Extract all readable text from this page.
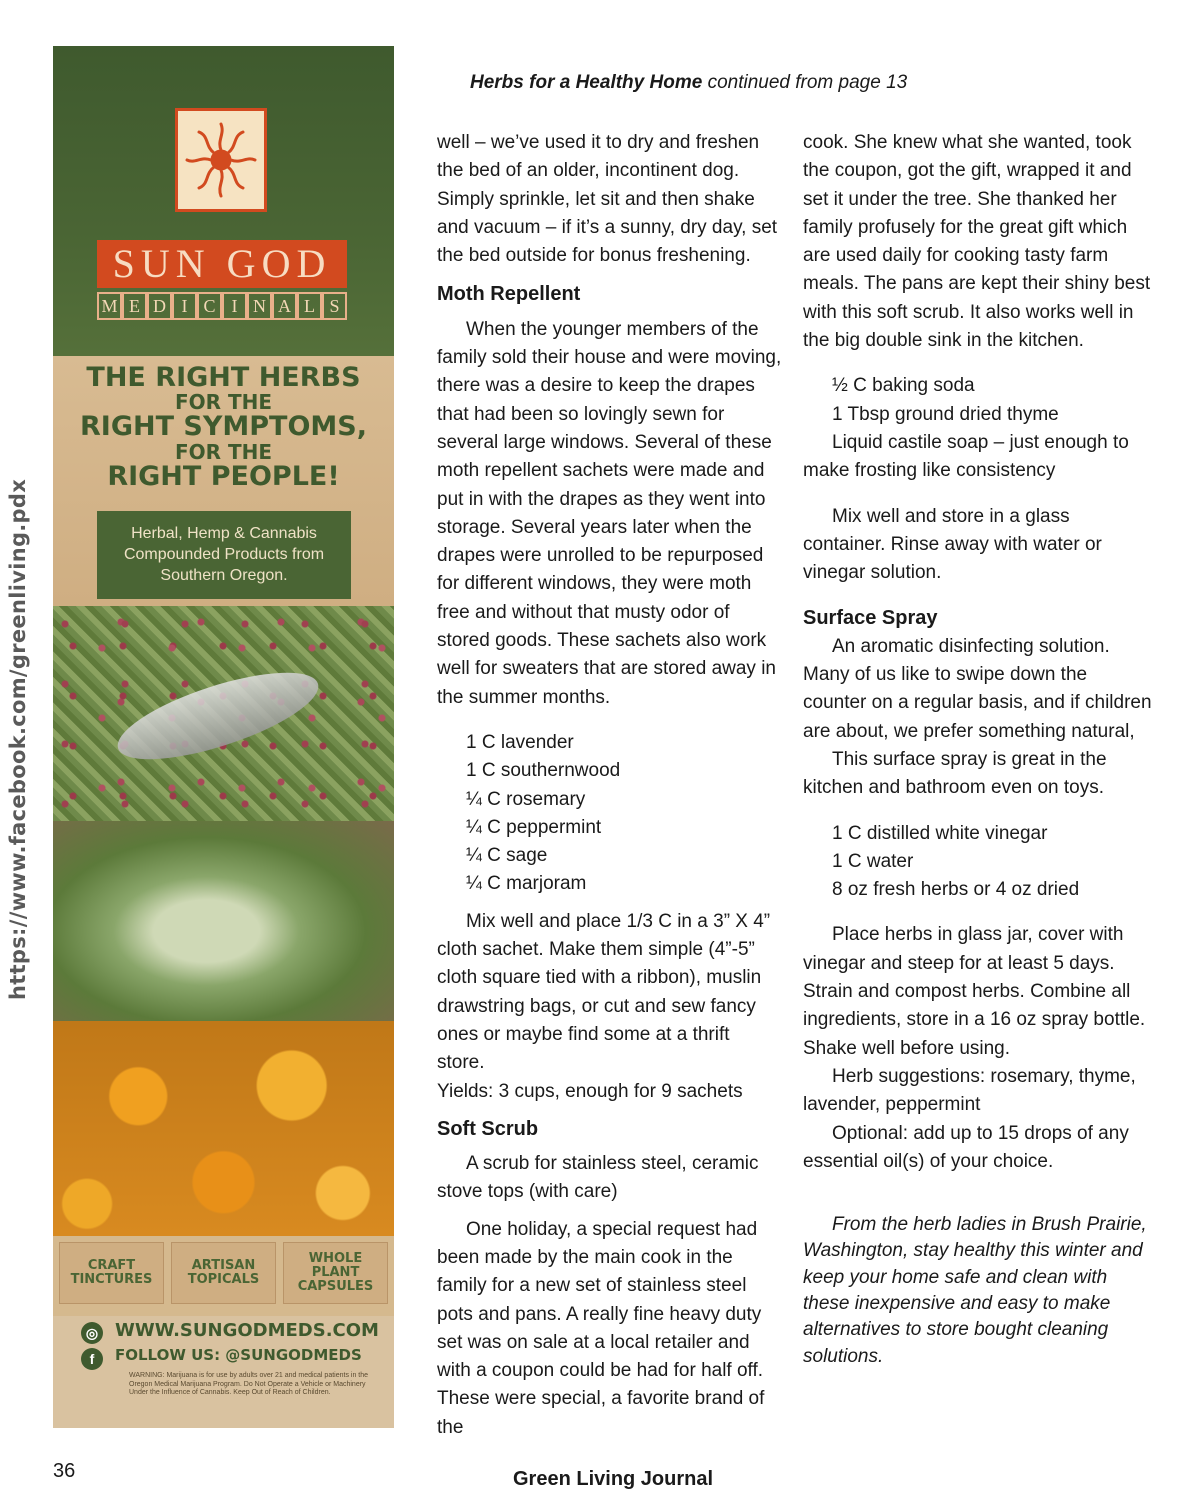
https://www.facebook.com/greenliving.pdx
SUN GOD
M E D I C I N A L S
THE RIGHT HERBS
FOR THE
RIGHT SYMPTOMS,
FOR THE
RIGHT PEOPLE!
Herbal, Hemp & Cannabis
Compounded Products from
Southern Oregon.
CRAFT TINCTURES
ARTISAN TOPICALS
WHOLE PLANT CAPSULES
◎
f
WWW.SUNGODMEDS.COM
FOLLOW US: @SUNGODMEDS
WARNING: Marijuana is for use by adults over 21 and medical patients in the Oregon Medical Marijuana Program. Do Not Operate a Vehicle or Machinery Under the Influence of Cannabis. Keep Out of Reach of Children.
Herbs for a Healthy Home continued from page 13

well – we’ve used it to dry and freshen the bed of an older, incontinent dog. Simply sprinkle, let sit and then shake and vacuum – if it’s a sunny, dry day, set the bed outside for bonus freshening.

Moth Repellent

When the younger members of the family sold their house and were moving, there was a desire to keep the drapes that had been so lovingly sewn for several large windows. Several of these moth repellent sachets were made and put in with the drapes as they went into storage. Several years later when the drapes were unrolled to be repurposed for different windows, they were moth free and without that musty odor of stored goods. These sachets also work well for sweaters that are stored away in the summer months.

1 C lavender

1 C southernwood

¼ C rosemary

¼ C peppermint

¼ C sage

¼ C marjoram

Mix well and place 1/3 C in a 3” X 4” cloth sachet. Make them simple (4”-5” cloth square tied with a ribbon), muslin drawstring bags, or cut and sew fancy ones or maybe find some at a thrift store.

Yields: 3 cups, enough for 9 sachets

Soft Scrub

A scrub for stainless steel, ceramic stove tops (with care)

One holiday, a special request had been made by the main cook in the family for a new set of stainless steel pots and pans. A really fine heavy duty set was on sale at a local retailer and with a coupon could be had for half off. These were special, a favorite brand of the

cook. She knew what she wanted, took the coupon, got the gift, wrapped it and set it under the tree. She thanked her family profusely for the great gift which are used daily for cooking tasty farm meals. The pans are kept their shiny best with this soft scrub. It also works well in the big double sink in the kitchen.

½ C baking soda

1 Tbsp ground dried thyme

Liquid castile soap – just enough to

make frosting like consistency

Mix well and store in a glass container. Rinse away with water or vinegar solution.

Surface Spray

An aromatic disinfecting solution. Many of us like to swipe down the counter on a regular basis, and if children are about, we prefer something natural,

This surface spray is great in the kitchen and bathroom even on toys.

1 C distilled white vinegar

1 C water

8 oz fresh herbs or 4 oz dried

Place herbs in glass jar, cover with vinegar and steep for at least 5 days. Strain and compost herbs. Combine all ingredients, store in a 16 oz spray bottle. Shake well before using.

Herb suggestions: rosemary, thyme, lavender, peppermint

Optional: add up to 15 drops of any essential oil(s) of your choice.

From the herb ladies in Brush Prairie, Washington, stay healthy this winter and keep your home safe and clean with these inexpensive and easy to make alternatives to store bought cleaning solutions.

36	Green Living Journal
